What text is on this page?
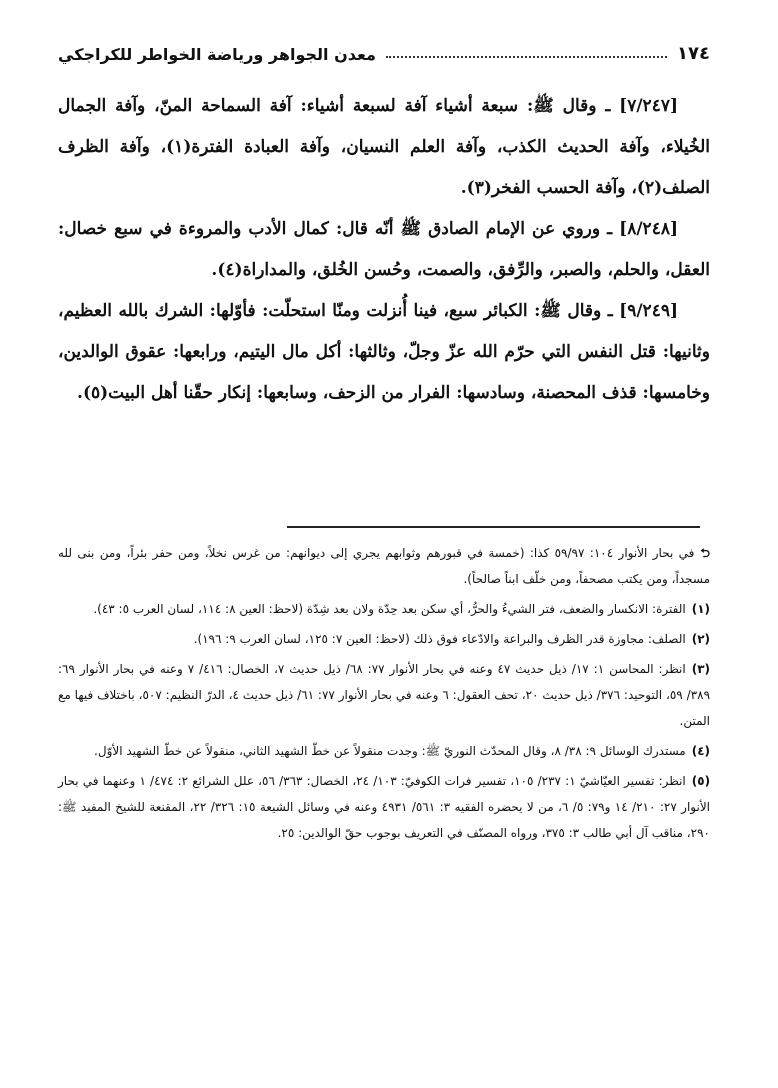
معدن الجواهر ورياضة الخواطر للكراجكي	١٧٤

[٧/٢٤٧] ـ وقال ﷺ: سبعة أشياء آفة لسبعة أشياء: آفة السماحة المنّ، وآفة الجمال الخُيلاء، وآفة الحديث الكذب، وآفة العلم النسيان، وآفة العبادة الفترة(١)، وآفة الظرف الصلف(٢)، وآفة الحسب الفخر(٣).

[٨/٢٤٨] ـ وروي عن الإمام الصادق ﷺ أنّه قال: كمال الأدب والمروءة في سبع خصال: العقل، والحلم، والصبر، والرِّفق، والصمت، وحُسن الخُلق، والمداراة(٤).

[٩/٢٤٩] ـ وقال ﷺ: الكبائر سبع، فينا أُنزلت ومنّا استحلّت: فأوّلها: الشرك بالله العظيم، وثانيها: قتل النفس التي حرّم الله عزّ وجلّ، وثالثها: أكل مال اليتيم، ورابعها: عقوق الوالدين، وخامسها: قذف المحصنة، وسادسها: الفرار من الزحف، وسابعها: إنكار حقّنا أهل البيت(٥).

⮌في بحار الأنوار ١٠٤: ٥٩/٩٧ كذا: (خمسة في قبورهم وثوابهم يجري إلى ديوانهم: من غرس نخلاً، ومن حفر بئراً، ومن بنى لله مسجداً، ومن يكتب مصحفاً، ومن خلّف ابناً صالحاً).
(١)الفترة: الانكسار والضعف، فتر الشيءُ والحرُّ، أي سكن بعد حِدّة ولان بعد شِدّة (لاحظ: العين ٨: ١١٤، لسان العرب ٥: ٤٣).
(٢)الصلف: مجاوزة قدر الظرف والبراعة والادّعاء فوق ذلك (لاحظ: العين ٧: ١٢٥، لسان العرب ٩: ١٩٦).
(٣)انظر: المحاسن ١: ١٧/ ذيل حديث ٤٧ وعنه في بحار الأنوار ٧٧: ٦٨/ ذيل حديث ٧، الخصال: ٤١٦/ ٧ وعنه في بحار الأنوار ٦٩: ٣٨٩/ ٥٩، التوحيد: ٣٧٦/ ذيل حديث ٢٠، تحف العقول: ٦ وعنه في بحار الأنوار ٧٧: ٦١/ ذيل حديث ٤، الدرّ النظيم: ٥٠٧، باختلاف فيها مع المتن.
(٤)مستدرك الوسائل ٩: ٣٨/ ٨، وقال المحدّث النوريّ ﷺ: وجدت منقولاً عن خطّ الشهيد الثاني، منقولاً عن خطّ الشهيد الأوّل.
(٥)انظر: تفسير العيّاشيّ ١: ٢٣٧/ ١٠٥، تفسير فرات الكوفيّ: ١٠٣/ ٢٤، الخصال: ٣٦٣/ ٥٦، علل الشرائع ٢: ٤٧٤/ ١ وعنهما في بحار الأنوار ٢٧: ٢١٠/ ١٤ و٧٩: ٥/ ٦، من لا يحضره الفقيه ٣: ٥٦١/ ٤٩٣١ وعنه في وسائل الشيعة ١٥: ٣٢٦/ ٢٢، المقنعة للشيخ المفيد ﷺ: ٢٩٠، مناقب آل أبي طالب ٣: ٣٧٥، ورواه المصنّف في التعريف بوجوب حقّ الوالدين: ٢٥.
